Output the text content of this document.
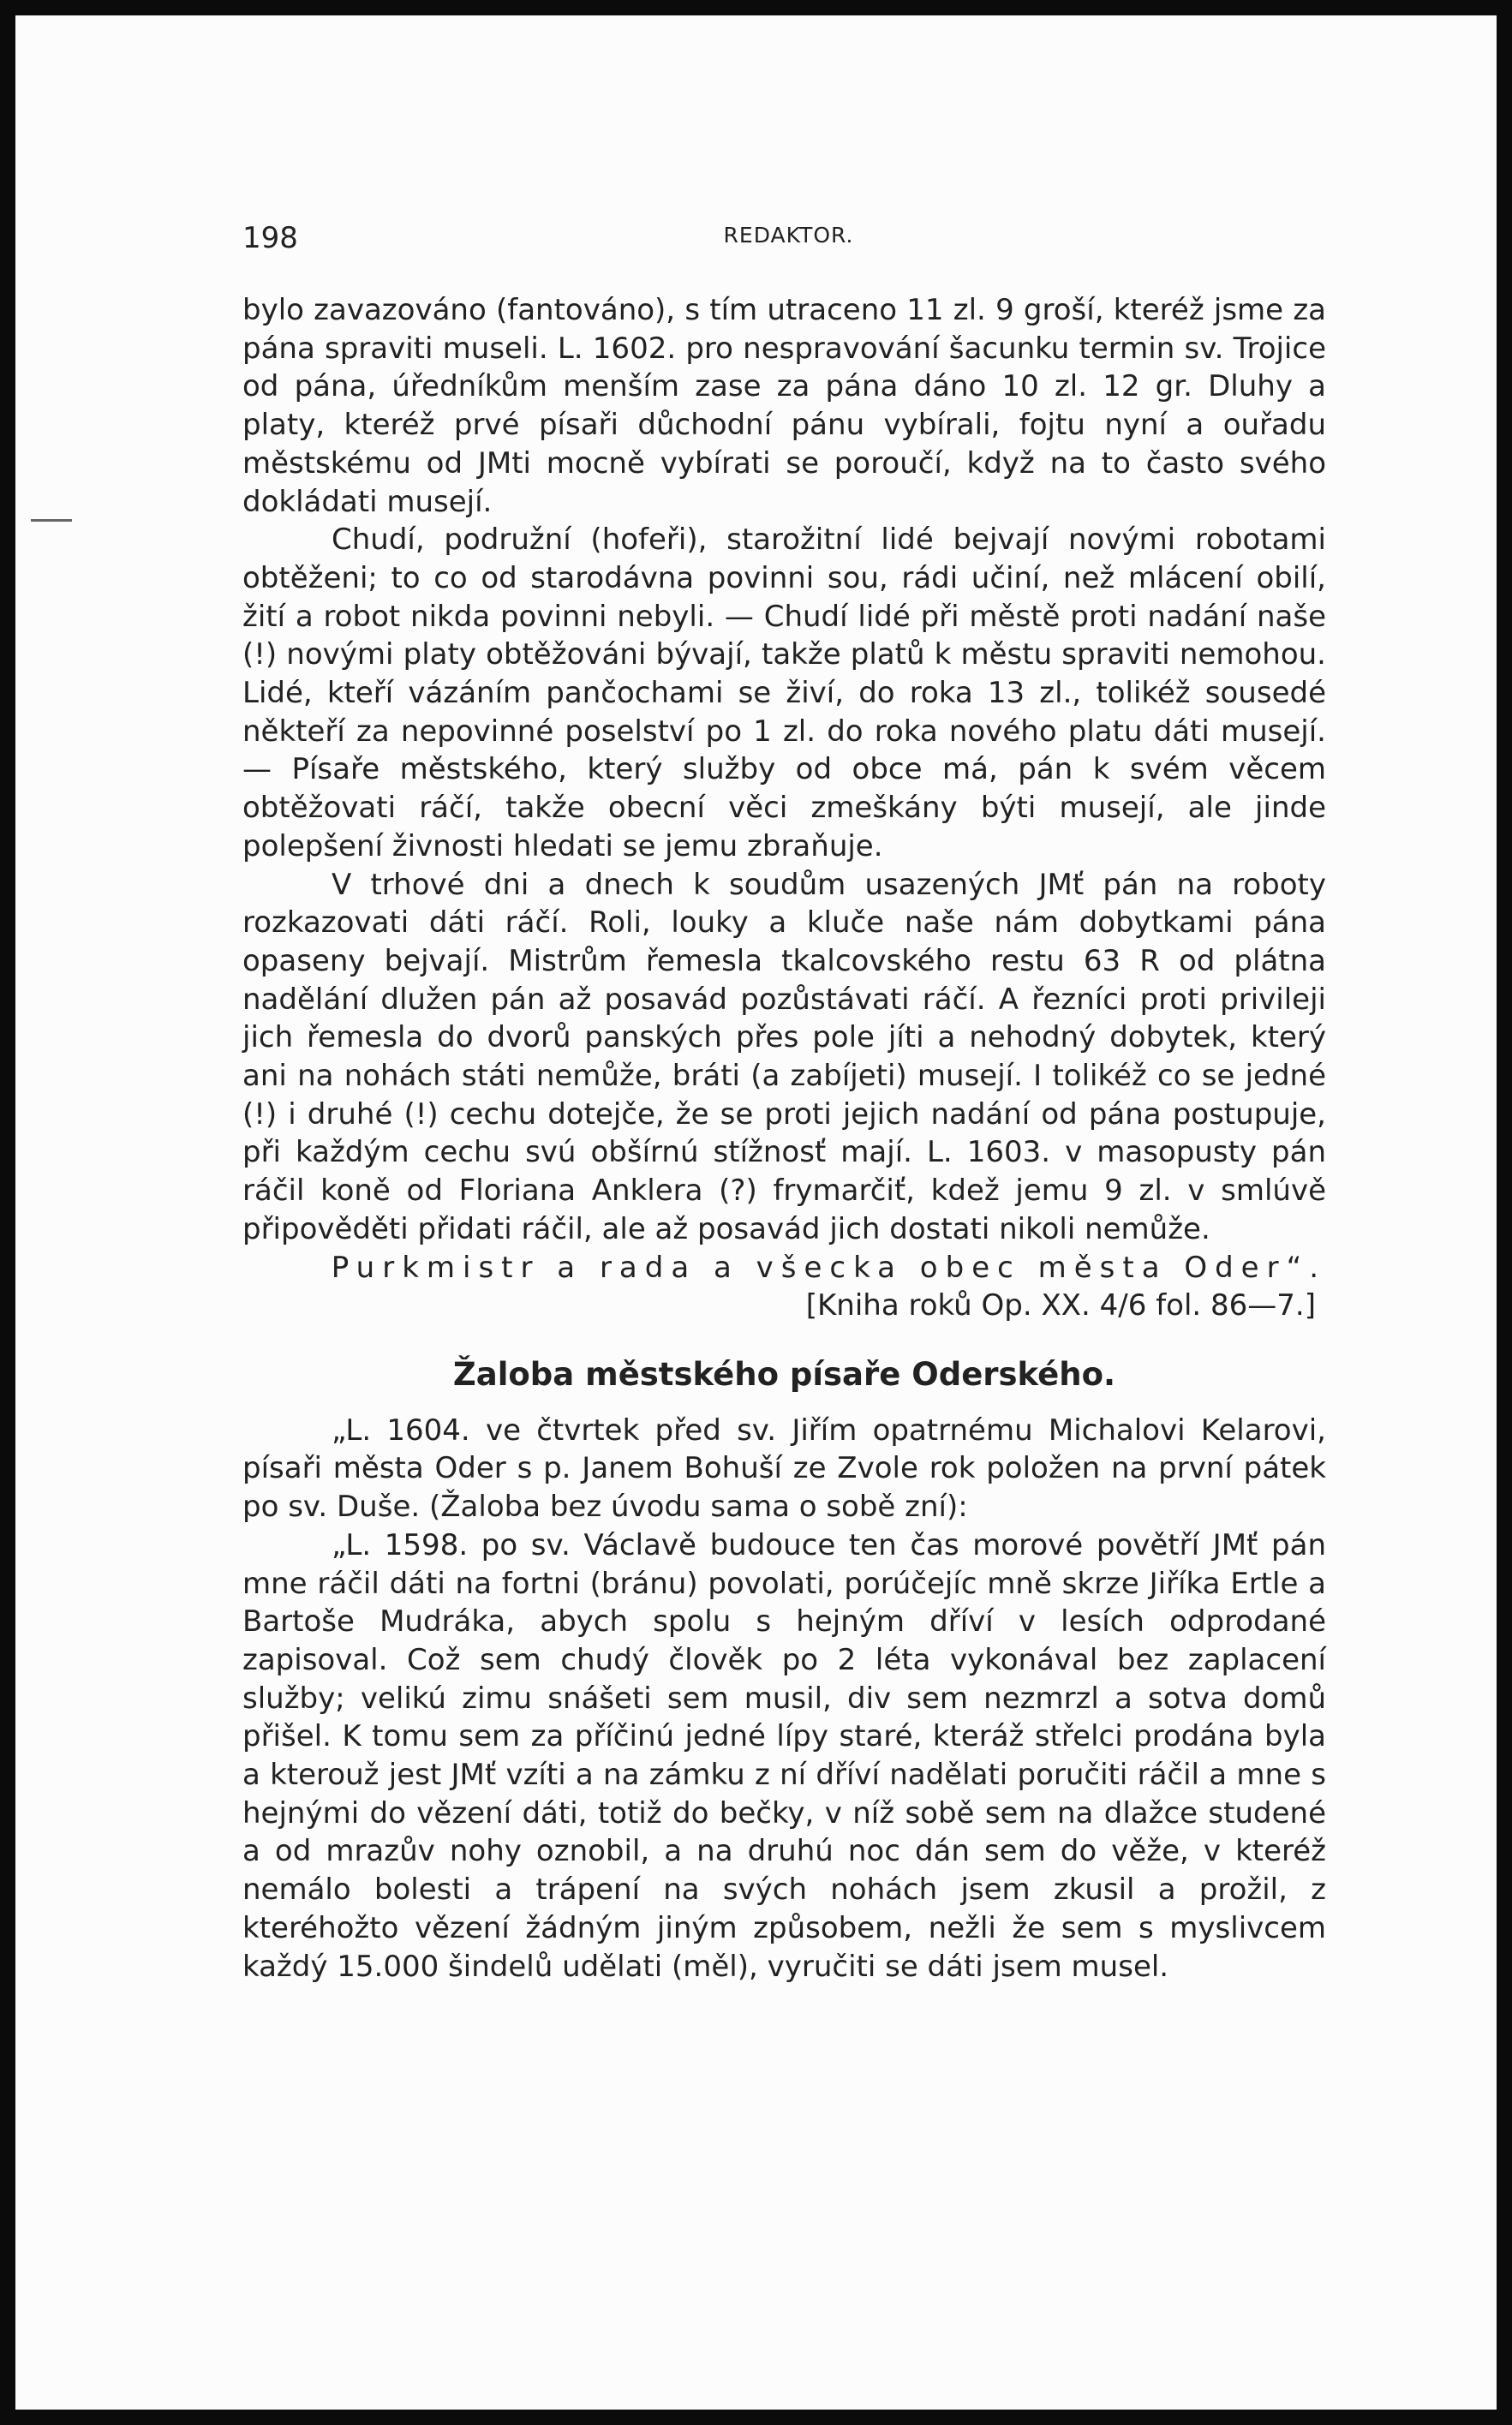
198	REDAKTOR.

bylo zavazováno (fantováno), s tím utraceno 11 zl. 9 groší, kteréž jsme za pána spraviti museli. L. 1602. pro nespravování šacunku termin sv. Trojice od pána, úředníkům menším zase za pána dáno 10 zl. 12 gr. Dluhy a platy, kteréž prvé písaři důchodní pánu vybírali, fojtu nyní a ouřadu městskému od JMti mocně vybírati se poroučí, když na to často svého dokládati musejí.

Chudí, podružní (hofeři), starožitní lidé bejvají novými robotami obtěženi; to co od starodávna povinni sou, rádi učiní, než mlácení obilí, žití a robot nikda povinni nebyli. — Chudí lidé při městě proti nadání naše (!) novými platy obtěžováni bývají, takže platů k městu spraviti nemohou. Lidé, kteří vázáním pančochami se živí, do roka 13 zl., tolikéž sousedé někteří za nepovinné poselství po 1 zl. do roka nového platu dáti musejí. — Písaře městského, který služby od obce má, pán k svém věcem obtěžovati ráčí, takže obecní věci zmeškány býti musejí, ale jinde polepšení živnosti hledati se jemu zbraňuje.

V trhové dni a dnech k soudům usazených JMť pán na roboty rozkazovati dáti ráčí. Roli, louky a kluče naše nám dobytkami pána opaseny bejvají. Mistrům řemesla tkalcovského restu 63 R od plátna nadělání dlužen pán až posavád pozůstávati ráčí. A řezníci proti privileji jich řemesla do dvorů panských přes pole jíti a nehodný dobytek, který ani na nohách státi nemůže, bráti (a zabíjeti) musejí. I tolikéž co se jedné (!) i druhé (!) cechu dotejče, že se proti jejich nadání od pána postupuje, při každým cechu svú obšírnú stížnosť mají. L. 1603. v masopusty pán ráčil koně od Floriana Anklera (?) frymarčiť, kdež jemu 9 zl. v smlúvě připověděti přidati ráčil, ale až posavád jich dostati nikoli nemůže.

Purkmistr a rada a všecka obec města Oder“.

[Kniha roků Op. XX. 4/6 fol. 86—7.]

Žaloba městského písaře Oderského.

„L. 1604. ve čtvrtek před sv. Jiřím opatrnému Michalovi Kelarovi, písaři města Oder s p. Janem Bohuší ze Zvole rok položen na první pátek po sv. Duše. (Žaloba bez úvodu sama o sobě zní):

„L. 1598. po sv. Václavě budouce ten čas morové povětří JMť pán mne ráčil dáti na fortni (bránu) povolati, porúčejíc mně skrze Jiříka Ertle a Bartoše Mudráka, abych spolu s hejným dříví v lesích odprodané zapisoval. Což sem chudý člověk po 2 léta vykonával bez zaplacení služby; velikú zimu snášeti sem musil, div sem nezmrzl a sotva domů přišel. K tomu sem za příčinú jedné lípy staré, kteráž střelci prodána byla a kterouž jest JMť vzíti a na zámku z ní dříví nadělati poručiti ráčil a mne s hejnými do vězení dáti, totiž do bečky, v níž sobě sem na dlažce studené a od mrazův nohy oznobil, a na druhú noc dán sem do věže, v kteréž nemálo bolesti a trápení na svých nohách jsem zkusil a prožil, z kteréhožto vězení žádným jiným způsobem, nežli že sem s myslivcem každý 15.000 šindelů udělati (měl), vyručiti se dáti jsem musel.
